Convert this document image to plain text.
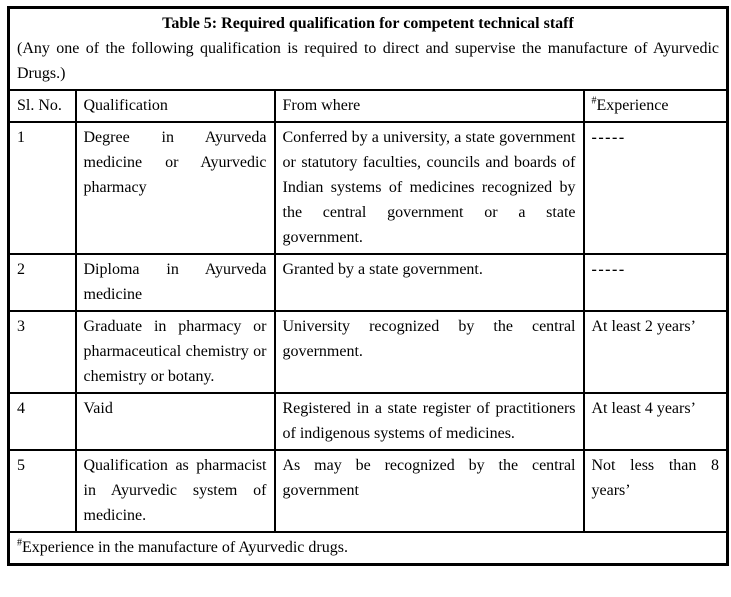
Table 5: Required qualification for competent technical staff
(Any one of the following qualification is required to direct and supervise the manufacture of Ayurvedic Drugs.)			

Sl. No.	Qualification	From where	#Experience
1	Degree in Ayurveda medicine or Ayurvedic pharmacy	Conferred by a university, a state government or statutory faculties, councils and boards of Indian systems of medicines recognized by the central government or a state government.	-----
2	Diploma in Ayurveda medicine	Granted by a state government.	-----
3	Graduate in pharmacy or pharmaceutical chemistry or chemistry or botany.	University recognized by the central government.	At least 2 years’
4	Vaid	Registered in a state register of practitioners of indigenous systems of medicines.	At least 4 years’
5	Qualification as pharmacist in Ayurvedic system of medicine.	As may be recognized by the central government	Not less than 8 years’
#Experience in the manufacture of Ayurvedic drugs.			
